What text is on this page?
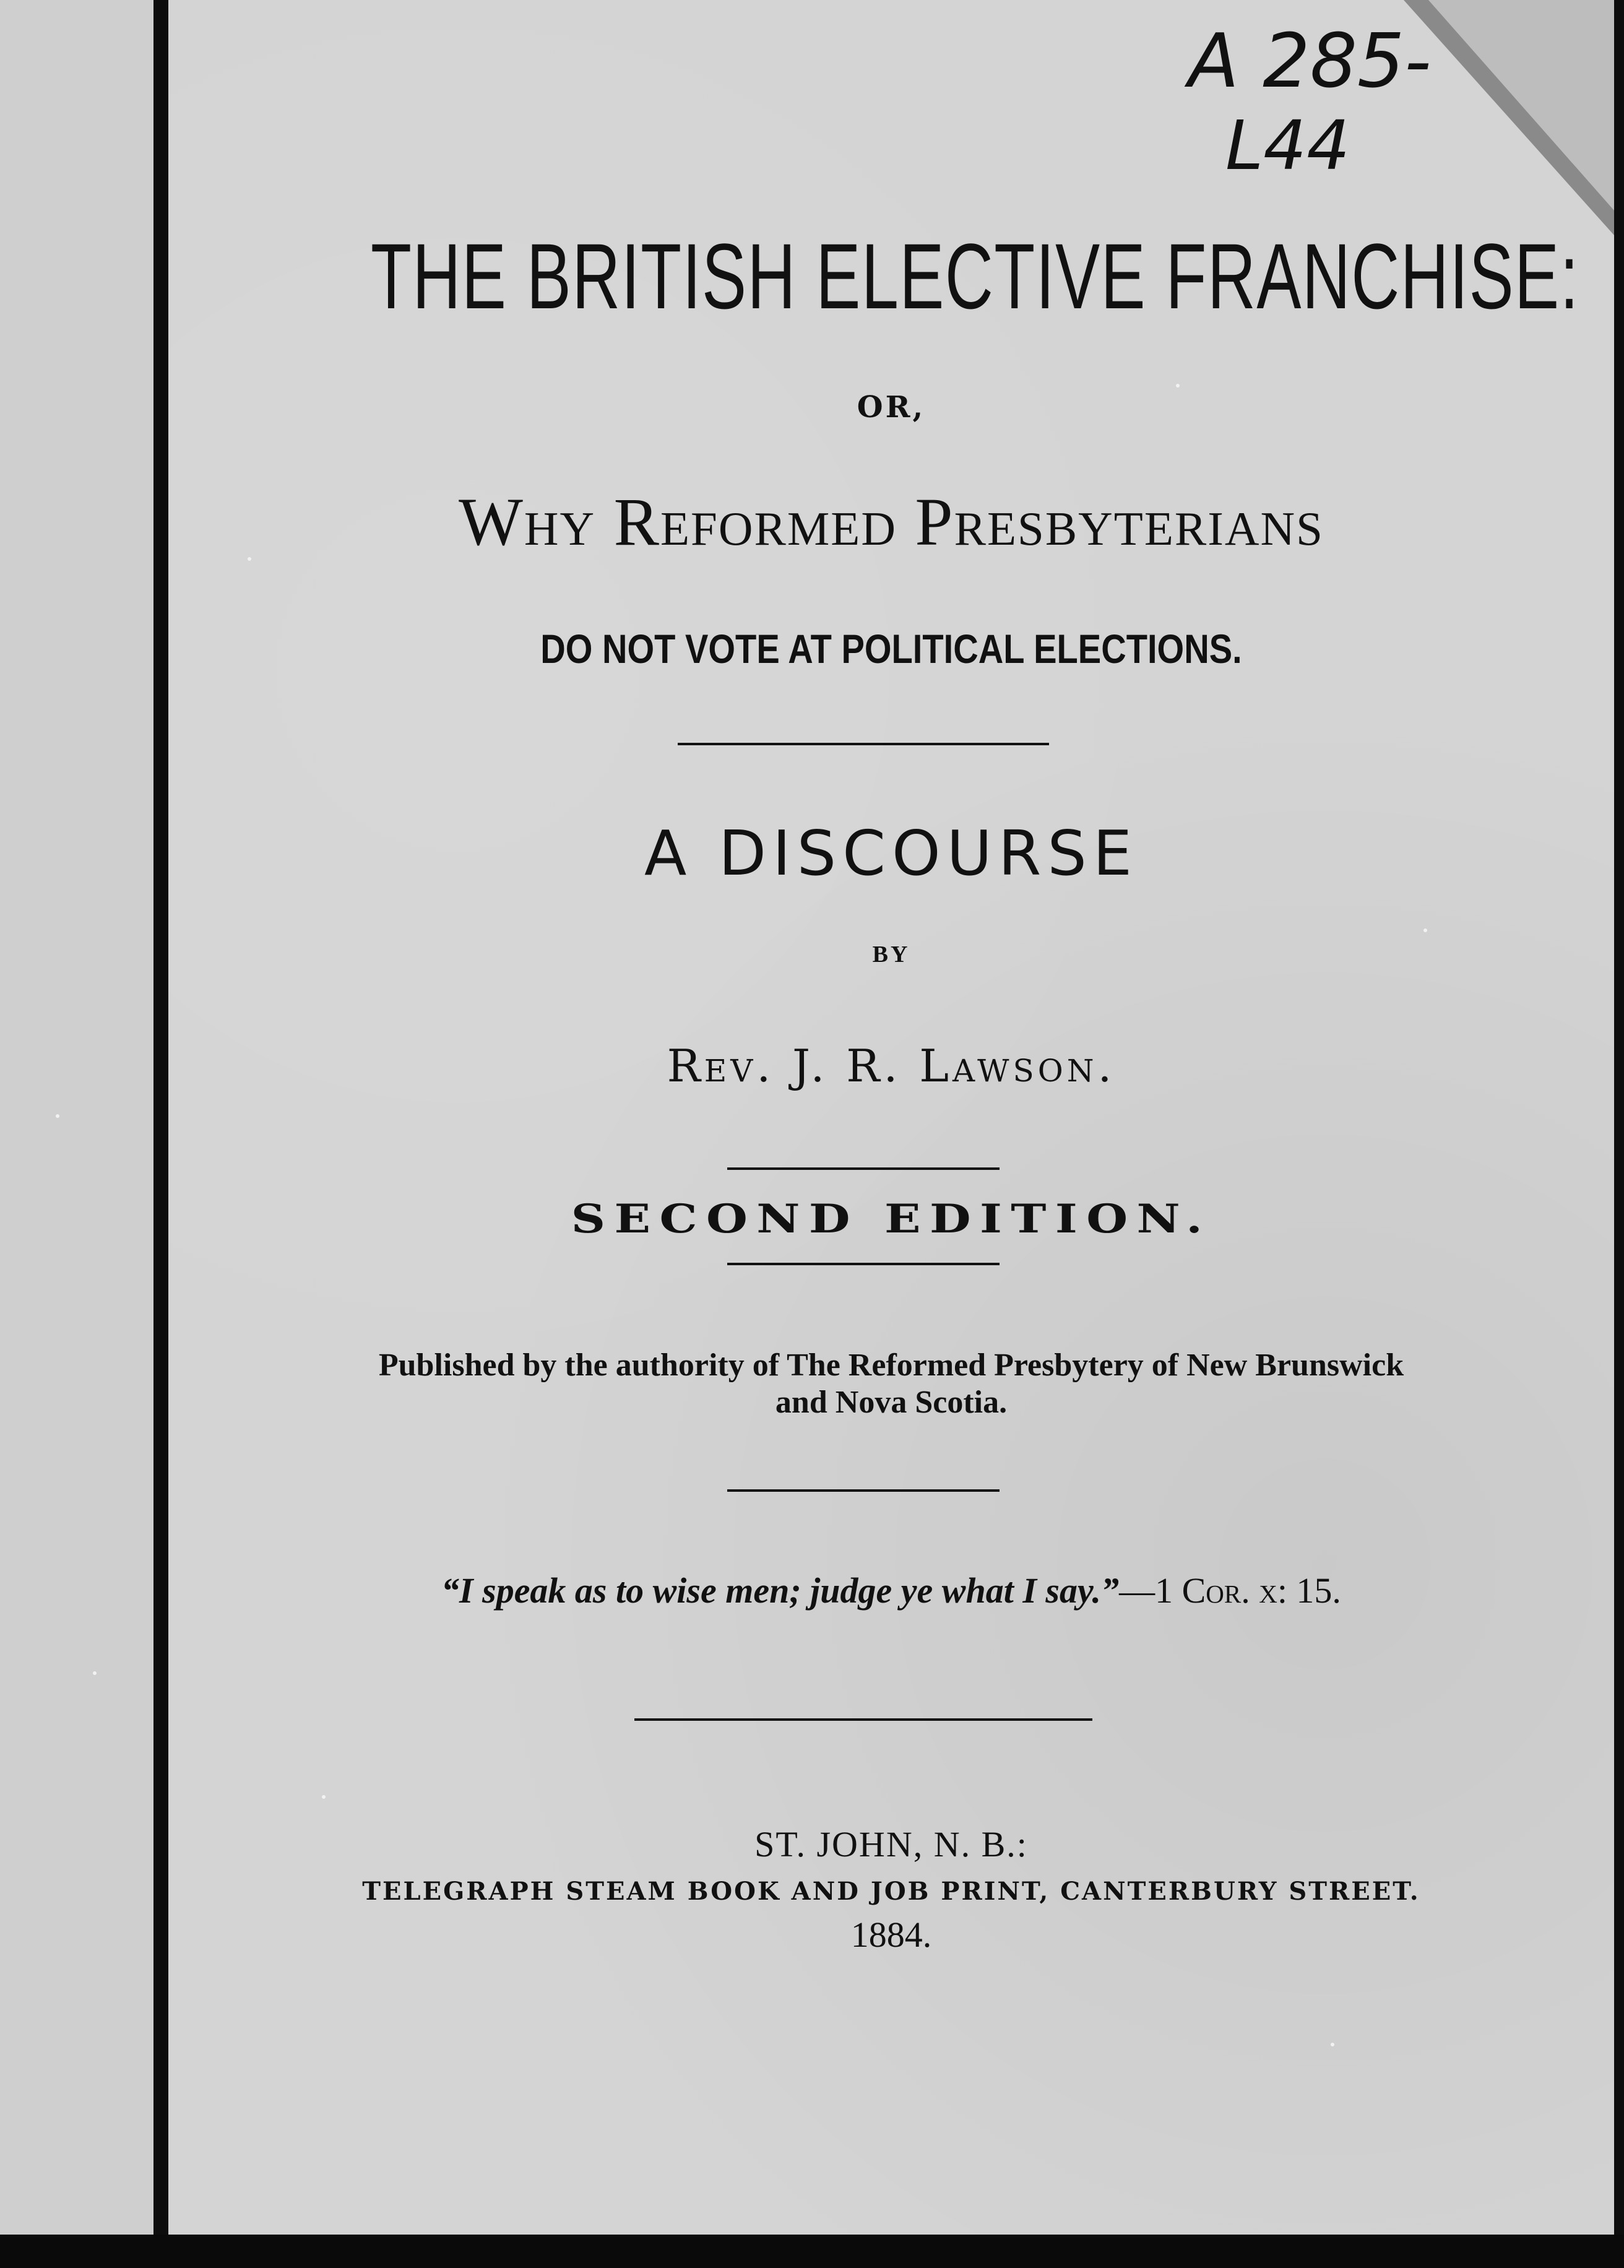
A 285-
L44
THE BRITISH ELECTIVE FRANCHISE:
OR,
Why Reformed Presbyterians
DO NOT VOTE AT POLITICAL ELECTIONS.
A DISCOURSE
BY
Rev. J. R. Lawson.
SECOND EDITION.
Published by the authority of The Reformed Presbytery of New Brunswick
and Nova Scotia.
“I speak as to wise men; judge ye what I say.”—1 Cor. x: 15.
ST. JOHN, N. B.:
TELEGRAPH STEAM BOOK AND JOB PRINT, CANTERBURY STREET.
1884.
